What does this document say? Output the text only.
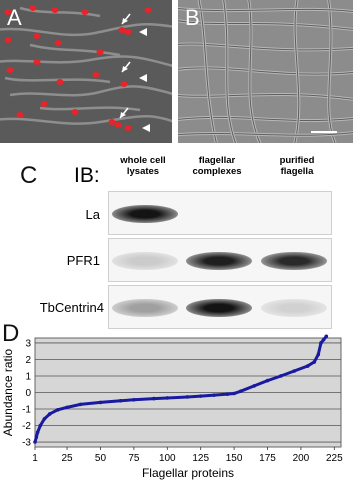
A	B
C IB:
whole cell
lysates
flagellar
complexes
purified
flagella
La
PFR1
TbCentrin4
D 3
2
1
0
-1
-2
-3
1 25 50 75 100 125 150 175 200 225
Flagellar proteins
Abundance ratio
